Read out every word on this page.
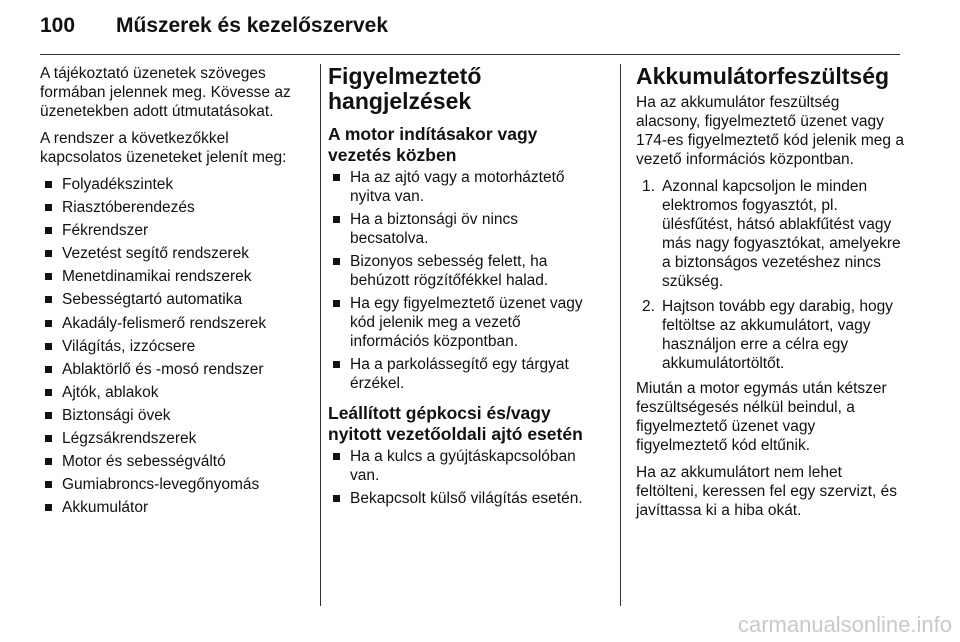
100	Műszerek és kezelőszervek

A tájékoztató üzenetek szöveges formában jelennek meg. Kövesse az üzenetekben adott útmutatásokat.

A rendszer a következőkkel kapcsolatos üzeneteket jelenít meg:

Folyadékszintek
Riasztóberendezés
Fékrendszer
Vezetést segítő rendszerek
Menetdinamikai rendszerek
Sebességtartó automatika
Akadály-felismerő rendszerek
Világítás, izzócsere
Ablaktörlő és -mosó rendszer
Ajtók, ablakok
Biztonsági övek
Légzsákrendszerek
Motor és sebességváltó
Gumiabroncs-levegőnyomás
Akkumulátor
Figyelmeztető hangjelzések
A motor indításakor vagy vezetés közben
Ha az ajtó vagy a motorháztető nyitva van.
Ha a biztonsági öv nincs becsatolva.
Bizonyos sebesség felett, ha behúzott rögzítőfékkel halad.
Ha egy figyelmeztető üzenet vagy kód jelenik meg a vezető információs központban.
Ha a parkolássegítő egy tárgyat érzékel.
Leállított gépkocsi és/vagy nyitott vezetőoldali ajtó esetén
Ha a kulcs a gyújtáskapcsolóban van.
Bekapcsolt külső világítás esetén.
Akkumulátorfeszültség

Ha az akkumulátor feszültség alacsony, figyelmeztető üzenet vagy 174-es figyelmeztető kód jelenik meg a vezető információs központban.

1. Azonnal kapcsoljon le minden elektromos fogyasztót, pl. ülésfűtést, hátsó ablakfűtést vagy más nagy fogyasztókat, amelyekre a biztonságos vezetéshez nincs szükség.
2. Hajtson tovább egy darabig, hogy feltöltse az akkumulátort, vagy használjon erre a célra egy akkumulátortöltőt.

Miután a motor egymás után kétszer feszültségesés nélkül beindul, a figyelmeztető üzenet vagy figyelmeztető kód eltűnik.

Ha az akkumulátort nem lehet feltölteni, keressen fel egy szervizt, és javíttassa ki a hiba okát.

carmanualsonline.info
